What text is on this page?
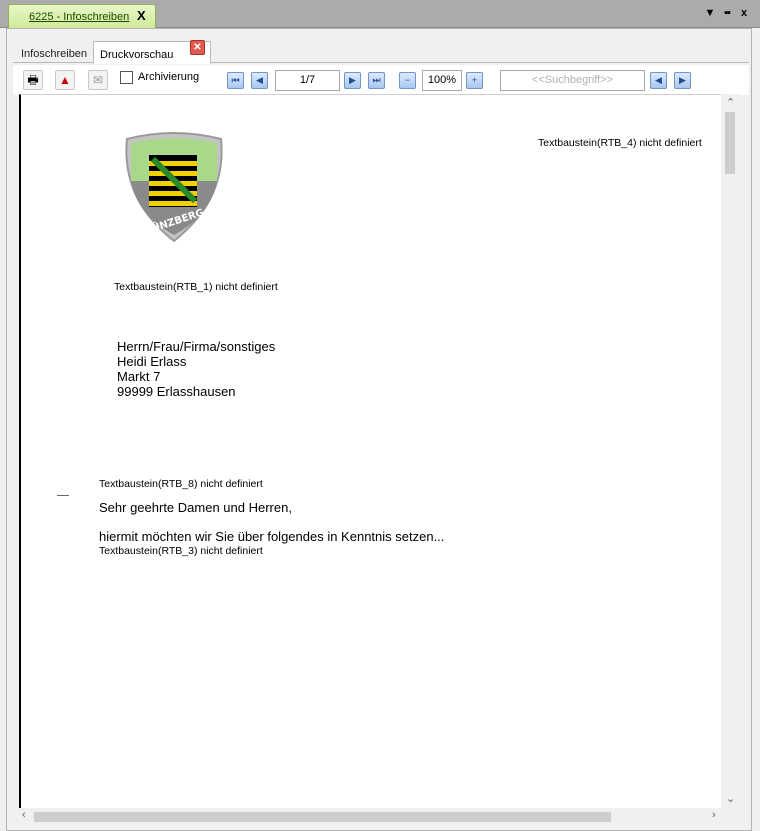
6225 - Infoschreiben X	▼ ▪▪	x
Infoschreiben	Druckvorschau
✕
🖶	▲	✉	Archivierung	⏮	◀	1/7	▶	⏭	−	100%	+	<<Suchbegriff>>	◀	▶
MÜNZBERG
Textbaustein(RTB_4) nicht definiert
Textbaustein(RTB_1) nicht definiert
Herrn/Frau/Firma/sonstiges
Heidi Erlass
Markt 7
99999 Erlasshausen
Textbaustein(RTB_8) nicht definiert
Sehr geehrte Damen und Herren,
hiermit möchten wir Sie über folgendes in Kenntnis setzen...
Textbaustein(RTB_3) nicht definiert
⌃
⌄
‹	›
